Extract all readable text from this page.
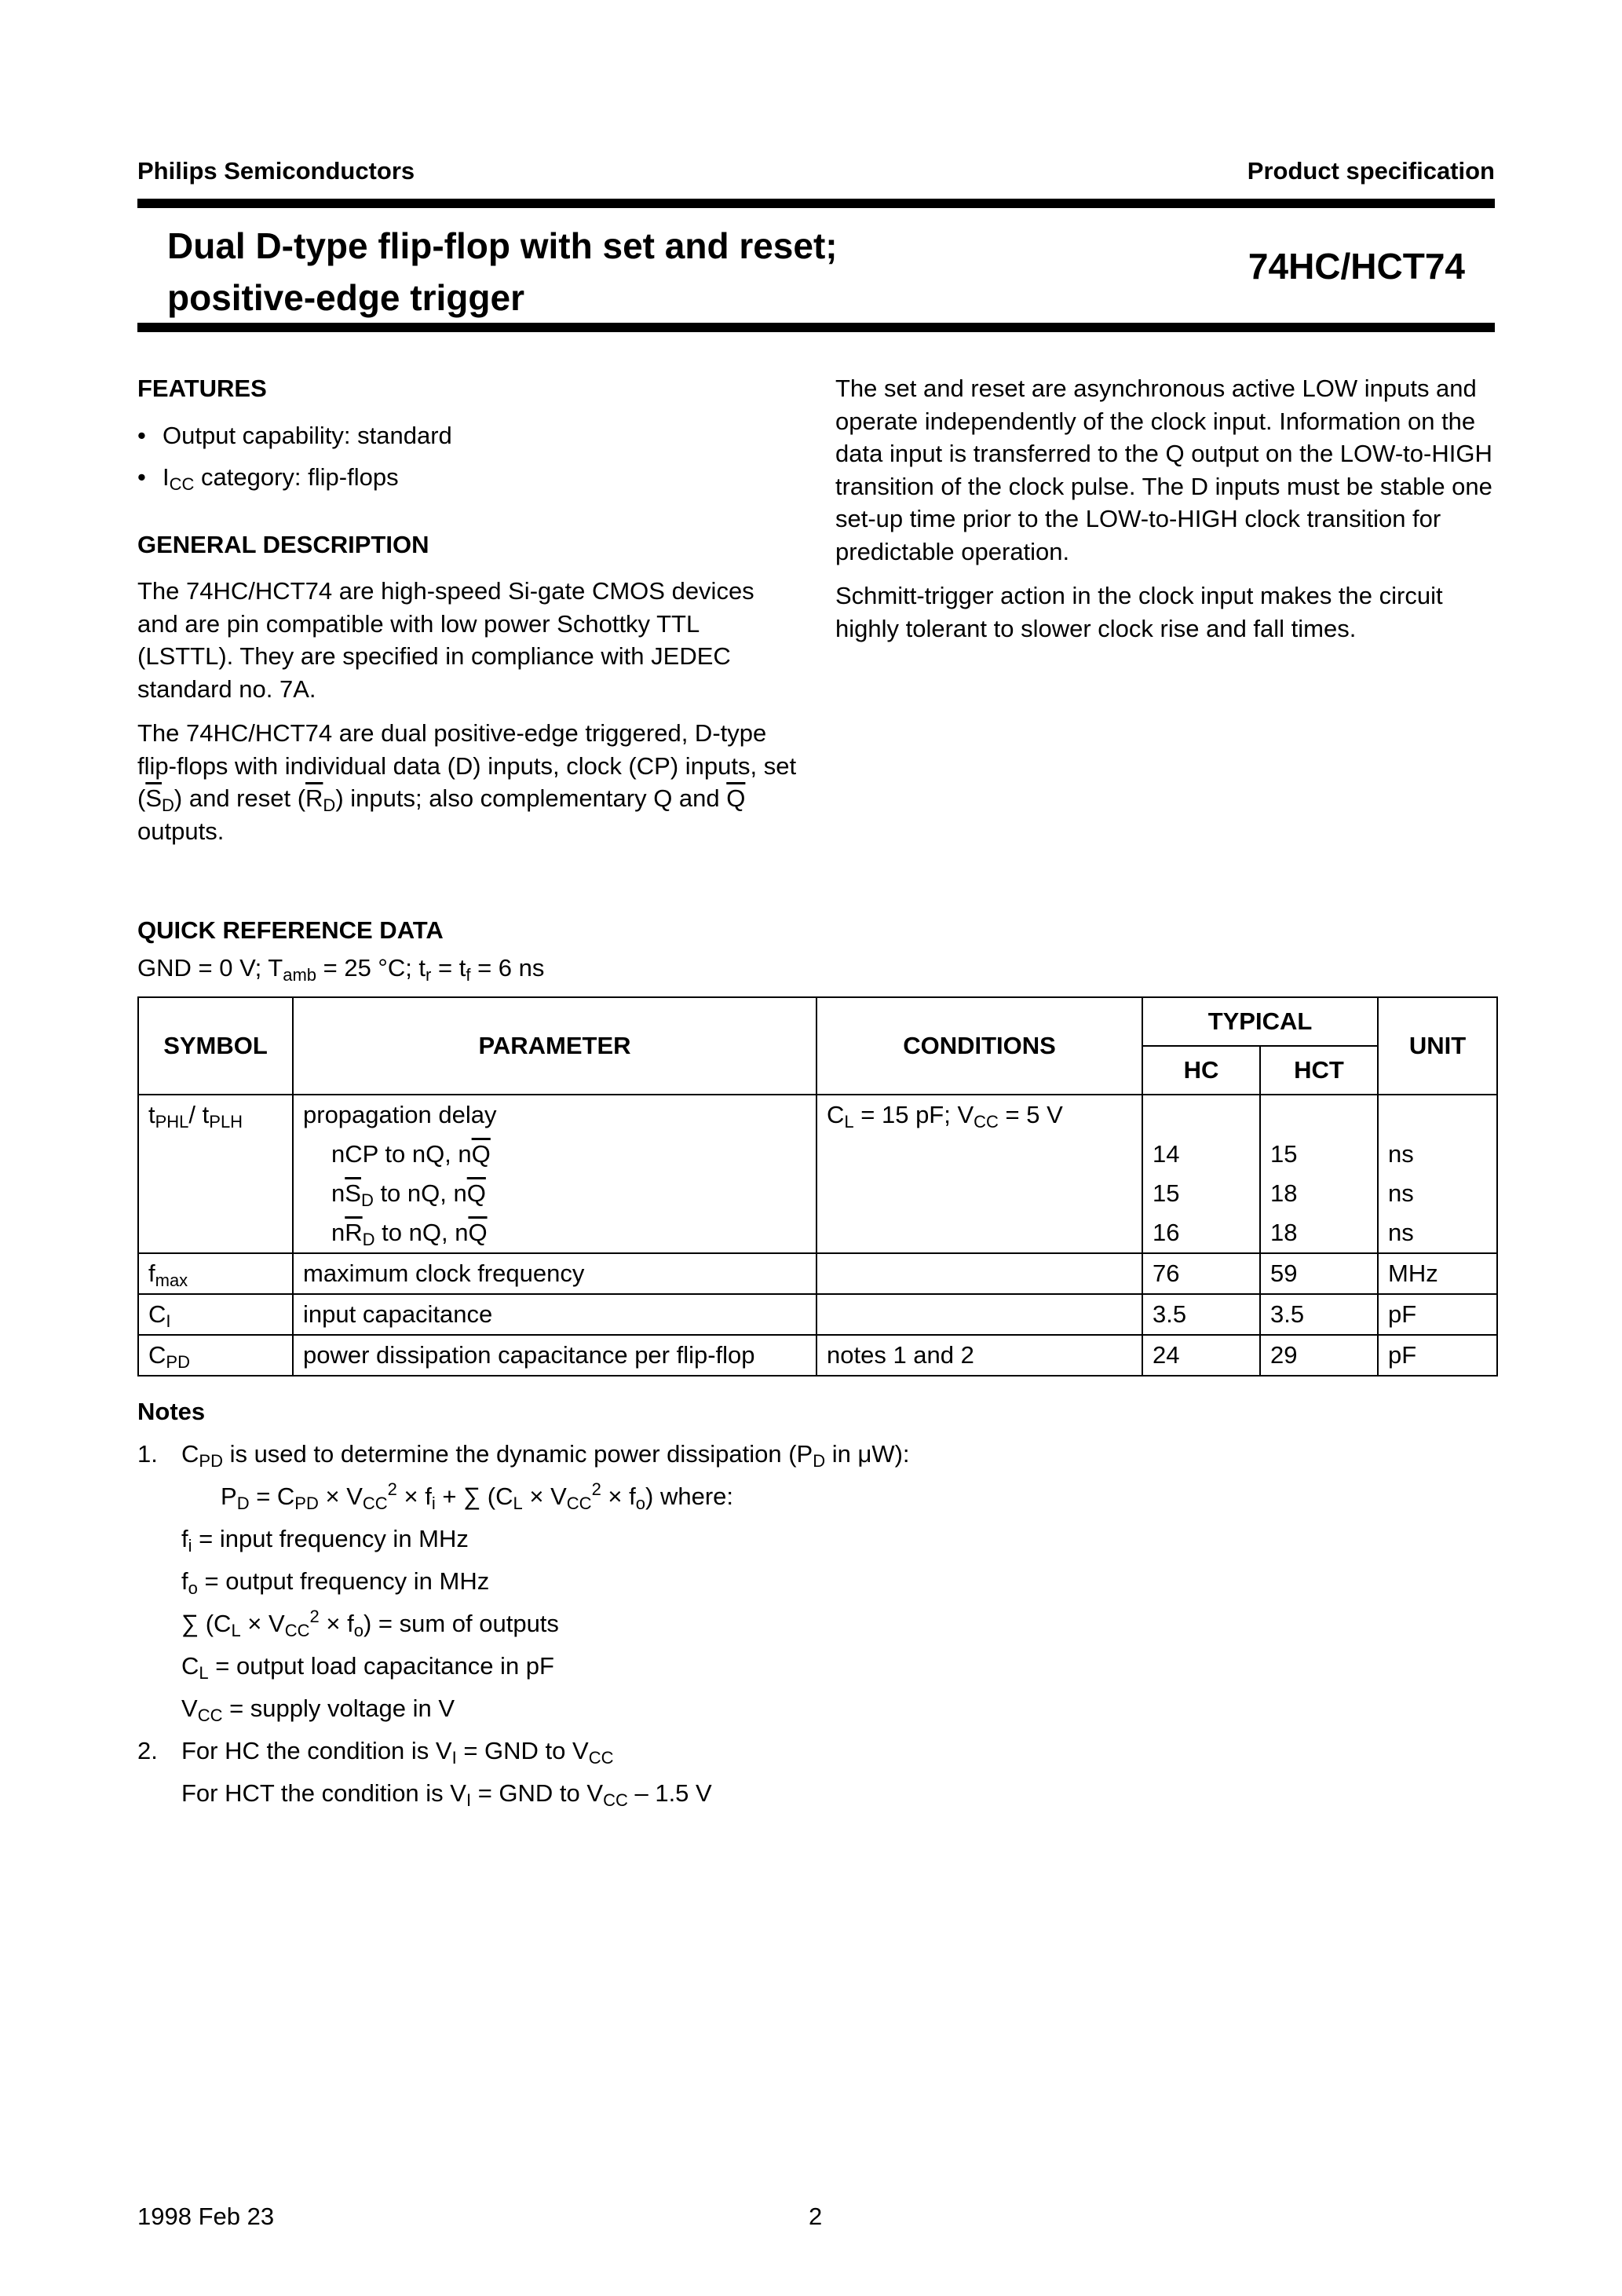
Philips Semiconductors	Product specification
Dual D-type flip-flop with set and reset;
positive-edge trigger
74HC/HCT74
FEATURES
• Output capability: standard
• $I_{CC}$ category: flip-flops
GENERAL DESCRIPTION

The 74HC/HCT74 are high-speed Si-gate CMOS devices and are pin compatible with low power Schottky TTL (LSTTL). They are specified in compliance with JEDEC standard no. 7A.

The 74HC/HCT74 are dual positive-edge triggered, D-type flip-flops with individual data (D) inputs, clock (CP) inputs, set $(\overline{S}_D)$ and reset $(\overline{R}_D)$ inputs; also complementary Q and $\overline{Q}$ outputs.

The set and reset are asynchronous active LOW inputs and operate independently of the clock input. Information on the data input is transferred to the Q output on the LOW-to-HIGH transition of the clock pulse. The D inputs must be stable one set-up time prior to the LOW-to-HIGH clock transition for predictable operation.

Schmitt-trigger action in the clock input makes the circuit highly tolerant to slower clock rise and fall times.

QUICK REFERENCE DATA
GND = 0 V; $T_{amb} = 25$ °C; $t_r = t_f = 6$ ns
SYMBOL	PARAMETER	CONDITIONS	TYPICAL		UNIT
			HC	HCT	
$t_{PHL}/$ $t_{PLH}$	propagation delay	$C_L = 15$ pF; $V_{CC} = 5$ V			
	nCP to nQ, $n\overline{Q}$		14	15	ns
	$n\overline{S}_D$ to nQ, $n\overline{Q}$		15	18	ns
	$n\overline{R}_D$ to nQ, $n\overline{Q}$		16	18	ns
$f_{max}$	maximum clock frequency		76	59	MHz
$C_I$	input capacitance		3.5	3.5	pF
$C_{PD}$	power dissipation capacitance per flip-flop	notes 1 and 2	24	29	pF
Notes
1. $C_{PD}$ is used to determine the dynamic power dissipation ($P_D$ in μW):
$P_D = C_{PD} \times V_{CC}^2 \times f_i$ + ∑ $(C_L \times V_{CC}^2 \times f_o)$ where:
$f_i$ = input frequency in MHz
$f_o$ = output frequency in MHz
∑ $(C_L \times V_{CC}^2 \times f_o)$ = sum of outputs
$C_L$ = output load capacitance in pF
$V_{CC}$ = supply voltage in V
2. For HC the condition is $V_I$ = GND to $V_{CC}$
For HCT the condition is $V_I$ = GND to $V_{CC} - 1.5$ V
1998 Feb 23	2
